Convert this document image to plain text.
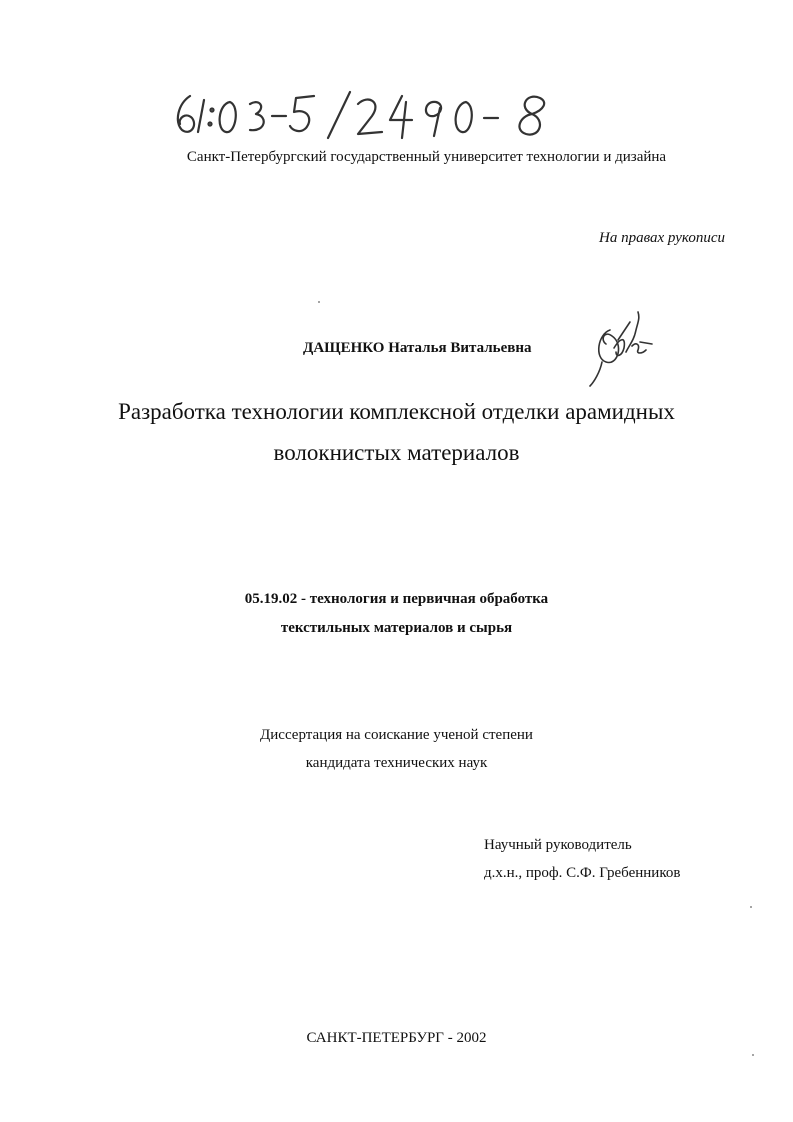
Санкт-Петербургский государственный университет технологии и дизайна
На правах рукописи
ДАЩЕНКО Наталья Витальевна
Разработка технологии комплексной отделки арамидных
волокнистых материалов
05.19.02 - технология и первичная обработка
текстильных материалов и сырья
Диссертация на соискание ученой степени
кандидата технических наук
Научный руководитель
д.х.н., проф. С.Ф. Гребенников
САНКТ-ПЕТЕРБУРГ - 2002
